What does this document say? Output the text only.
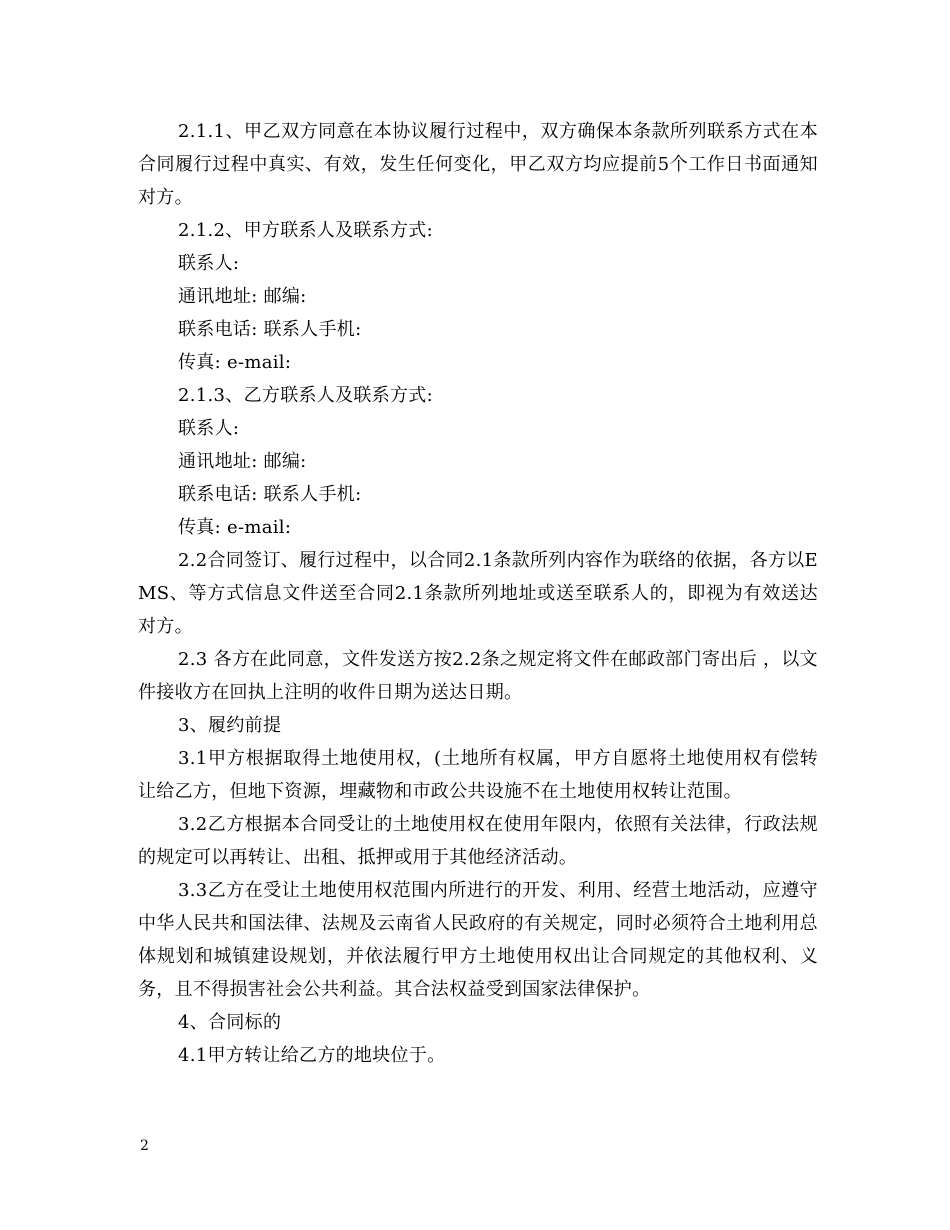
2.1.1、甲乙双方同意在本协议履行过程中，双方确保本条款所列联系方式在本合同履行过程中真实、有效，发生任何变化，甲乙双方均应提前5个工作日书面通知对方。

2.1.2、甲方联系人及联系方式:

联系人:

通讯地址: 邮编:

联系电话: 联系人手机:

传真: e-mail:

2.1.3、乙方联系人及联系方式:

联系人:

通讯地址: 邮编:

联系电话: 联系人手机:

传真: e-mail:

2.2合同签订、履行过程中，以合同2.1条款所列内容作为联络的依据，各方以EMS、等方式信息文件送至合同2.1条款所列地址或送至联系人的，即视为有效送达对方。

2.3 各方在此同意，文件发送方按2.2条之规定将文件在邮政部门寄出后 ，以文件接收方在回执上注明的收件日期为送达日期。

3、履约前提

3.1甲方根据取得土地使用权，(土地所有权属，甲方自愿将土地使用权有偿转让给乙方，但地下资源，埋藏物和市政公共设施不在土地使用权转让范围。

3.2乙方根据本合同受让的土地使用权在使用年限内，依照有关法律，行政法规的规定可以再转让、出租、抵押或用于其他经济活动。

3.3乙方在受让土地使用权范围内所进行的开发、利用、经营土地活动，应遵守中华人民共和国法律、法规及云南省人民政府的有关规定，同时必须符合土地利用总体规划和城镇建设规划，并依法履行甲方土地使用权出让合同规定的其他权利、义务，且不得损害社会公共利益。其合法权益受到国家法律保护。

4、合同标的

4.1甲方转让给乙方的地块位于。

2
